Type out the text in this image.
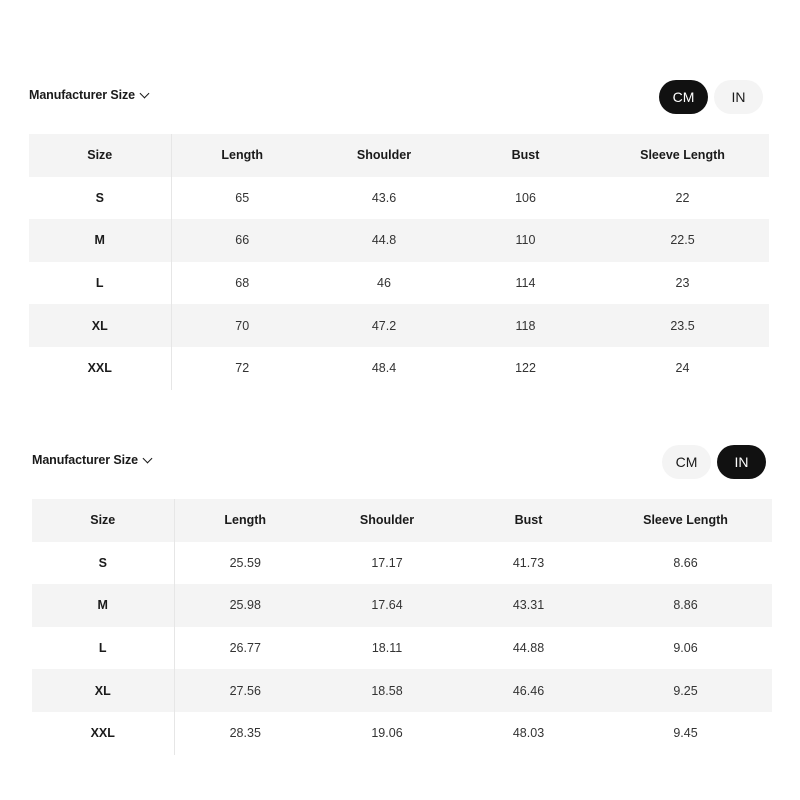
Manufacturer Size	CM	IN
Size	Length	Shoulder	Bust	Sleeve Length
S	65	43.6	106	22
M	66	44.8	110	22.5
L	68	46	114	23
XL	70	47.2	118	23.5
XXL	72	48.4	122	24
Manufacturer Size	CM	IN
Size	Length	Shoulder	Bust	Sleeve Length
S	25.59	17.17	41.73	8.66
M	25.98	17.64	43.31	8.86
L	26.77	18.11	44.88	9.06
XL	27.56	18.58	46.46	9.25
XXL	28.35	19.06	48.03	9.45
